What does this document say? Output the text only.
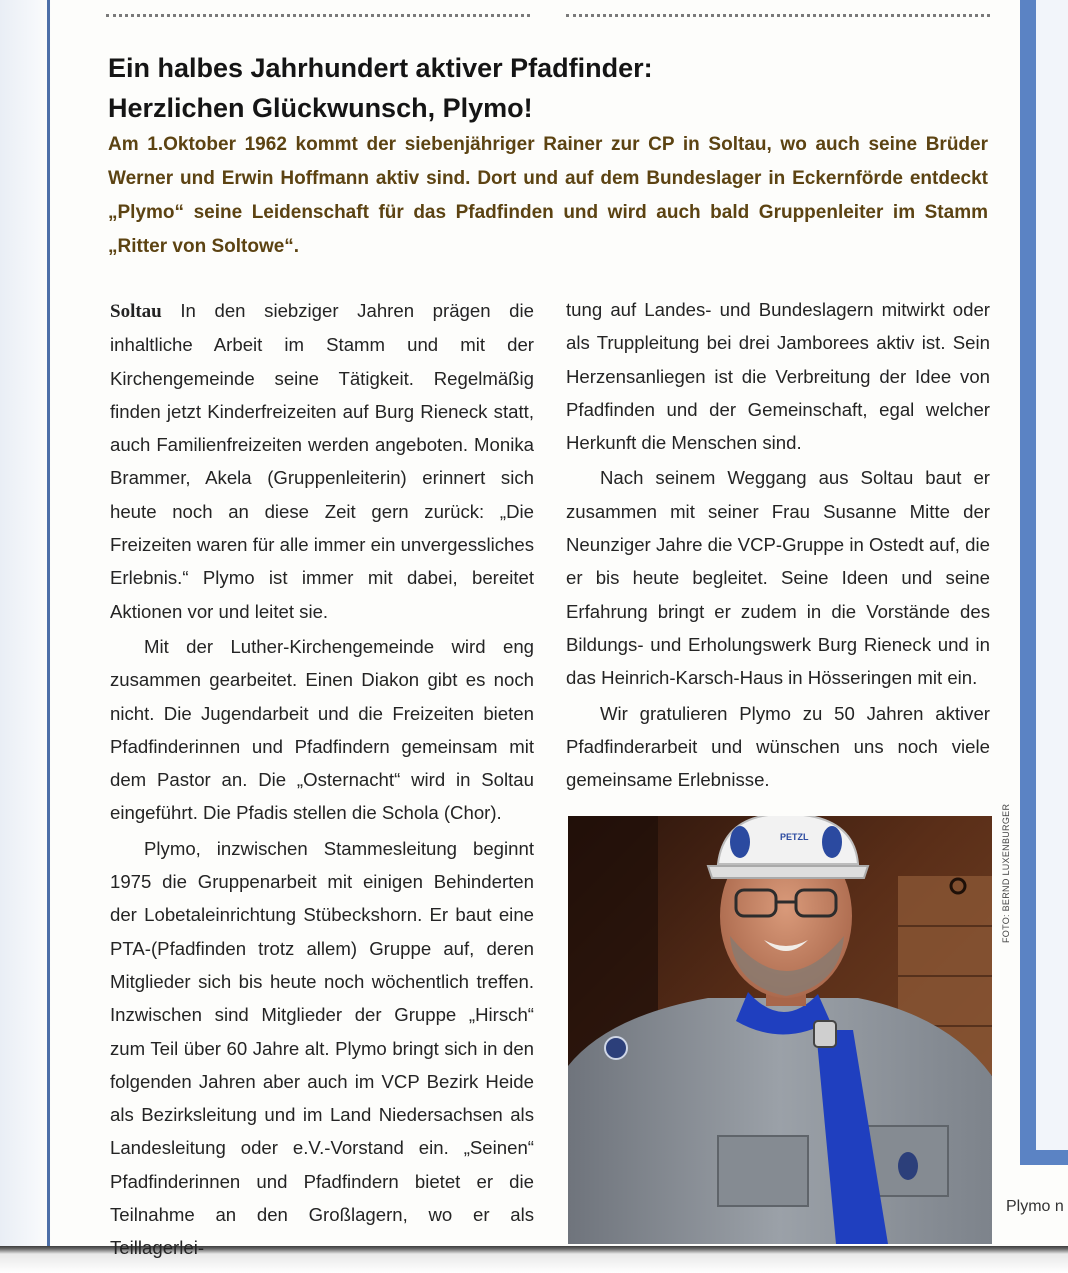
Ein halbes Jahrhundert aktiver Pfadfinder:
Herzlichen Glückwunsch, Plymo!

Am 1.Oktober 1962 kommt der siebenjähriger Rainer zur CP in Soltau, wo auch seine Brüder Werner und Erwin Hoffmann aktiv sind. Dort und auf dem Bundeslager in Eckernförde entdeckt „Plymo“ seine Leidenschaft für das Pfadfinden und wird auch bald Gruppenleiter im Stamm „Ritter von Soltowe“.

Soltau In den siebziger Jahren prägen die inhaltliche Arbeit im Stamm und mit der Kirchengemeinde seine Tätigkeit. Regelmäßig finden jetzt Kinderfreizeiten auf Burg Rieneck statt, auch Familienfreizeiten werden angeboten. Monika Brammer, Akela (Gruppenleiterin) erinnert sich heute noch an diese Zeit gern zurück: „Die Freizeiten waren für alle immer ein unvergessliches Erlebnis.“ Plymo ist immer mit dabei, bereitet Aktionen vor und leitet sie.

Mit der Luther-Kirchengemeinde wird eng zusammen gearbeitet. Einen Diakon gibt es noch nicht. Die Jugendarbeit und die Freizeiten bieten Pfadfinderinnen und Pfadfindern gemeinsam mit dem Pastor an. Die „Osternacht“ wird in Soltau eingeführt. Die Pfadis stellen die Schola (Chor).

Plymo, inzwischen Stammesleitung beginnt 1975 die Gruppenarbeit mit einigen Behinderten der Lobetaleinrichtung Stübeckshorn. Er baut eine PTA-(Pfadfinden trotz allem) Gruppe auf, deren Mitglieder sich bis heute noch wöchentlich treffen. Inzwischen sind Mitglieder der Gruppe „Hirsch“ zum Teil über 60 Jahre alt. Plymo bringt sich in den folgenden Jahren aber auch im VCP Bezirk Heide als Bezirksleitung und im Land Niedersachsen als Landesleitung oder e.V.-Vorstand ein. „Seinen“ Pfadfinderinnen und Pfadfindern bietet er die Teilnahme an den Großlagern, wo er als Teillagerlei-

tung auf Landes- und Bundeslagern mitwirkt oder als Truppleitung bei drei Jamborees aktiv ist. Sein Herzensanliegen ist die Verbreitung der Idee von Pfadfinden und der Gemeinschaft, egal welcher Herkunft die Menschen sind.

Nach seinem Weggang aus Soltau baut er zusammen mit seiner Frau Susanne Mitte der Neunziger Jahre die VCP-Gruppe in Ostedt auf, die er bis heute begleitet. Seine Ideen und seine Erfahrung bringt er zudem in die Vorstände des Bildungs- und Erholungswerk Burg Rieneck und in das Heinrich-Karsch-Haus in Hösseringen mit ein.

Wir gratulieren Plymo zu 50 Jahren aktiver Pfadfinderarbeit und wünschen uns noch viele gemeinsame Erlebnisse.

PETZL	FOTO: BERND LUXENBURGER
Plymo n
